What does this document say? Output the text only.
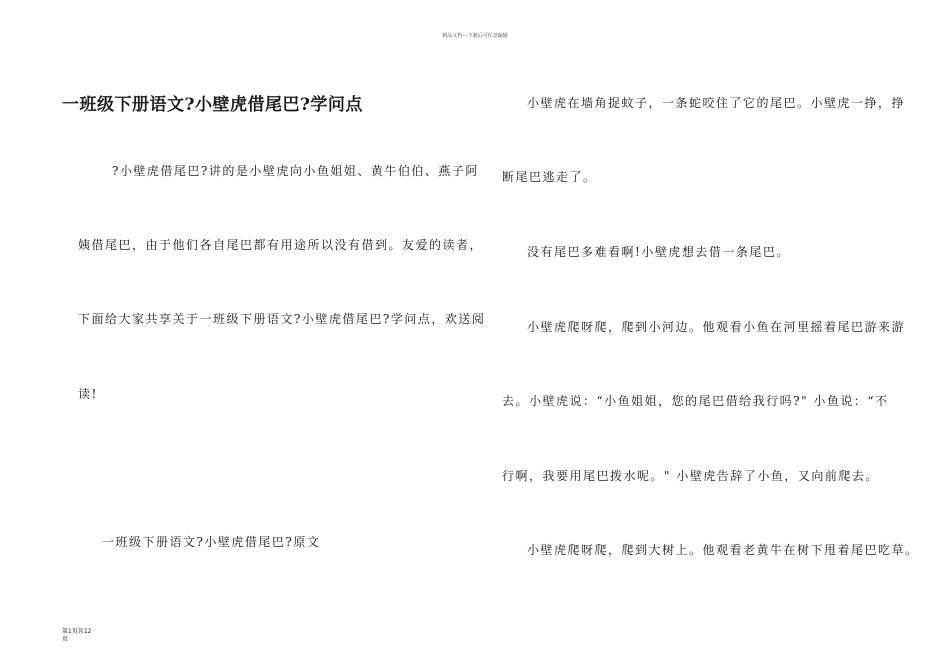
精品文档---下载后可任意编辑
一班级下册语文?小壁虎借尾巴?学问点
?小壁虎借尾巴?讲的是小壁虎向小鱼姐姐、黄牛伯伯、燕子阿
姨借尾巴，由于他们各自尾巴都有用途所以没有借到。友爱的读者，
下面给大家共享关于一班级下册语文?小壁虎借尾巴?学问点，欢送阅
读!
一班级下册语文?小壁虎借尾巴?原文
小壁虎在墙角捉蚊子，一条蛇咬住了它的尾巴。小壁虎一挣，挣
断尾巴逃走了。
没有尾巴多难看啊!小壁虎想去借一条尾巴。
小壁虎爬呀爬，爬到小河边。他观看小鱼在河里摇着尾巴游来游
去。小壁虎说：“小鱼姐姐，您的尾巴借给我行吗?" 小鱼说：“不
行啊，我要用尾巴拨水呢。" 小壁虎告辞了小鱼，又向前爬去。
小壁虎爬呀爬，爬到大树上。他观看老黄牛在树下甩着尾巴吃草。
第1页共12
页
